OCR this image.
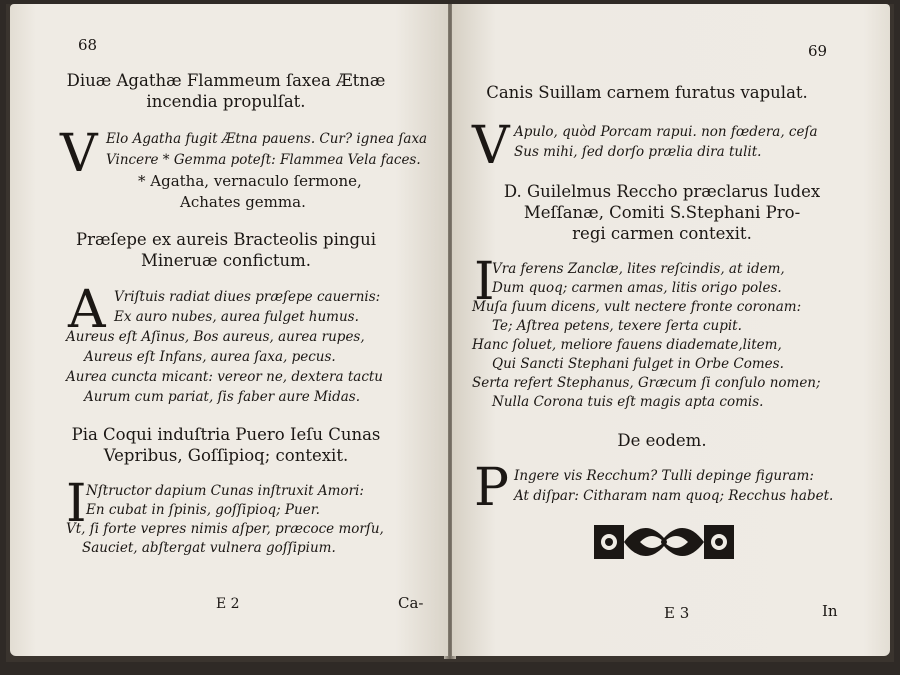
68
Diuæ Agathæ Flammeum ſaxea Ætnæ
incendia propulſat.
V Elo Agatha fugit Ætna pauens. Cur? ignea ſaxa
Vincere * Gemma poteſt: Flammea Vela faces.
* Agatha, vernaculo ſermone,
Achates gemma.
Præſepe ex aureis Bracteolis pingui
Mineruæ confictum.
A Vriſtuis radiat diues præſepe cauernis:
Ex auro nubes, aurea fulget humus.
Aureus eſt Aſinus, Bos aureus, aurea rupes,
Aureus eſt Infans, aurea ſaxa, pecus.
Aurea cuncta micant: vereor ne, dextera tactu
Aurum cum pariat, ſis faber aure Midas.
Pia Coqui induſtria Puero Ieſu Cunas
Vepribus, Goſſipioq; contexit.
I Nſtructor dapium Cunas inſtruxit Amori:
En cubat in ſpinis, goſſipioq; Puer.
Vt, ſi forte vepres nimis aſper, præcoce morſu,
Sauciet, abſtergat vulnera goſſipium.
E 2	Ca-
69
Canis Suillam carnem furatus vapulat.
V Apulo, quòd Porcam rapui. non fœdera, ceſa
Sus mihi, ſed dorſo prælia dira tulit.
D. Guilelmus Reccho præclarus Iudex
Meſſanæ, Comiti S.Stephani Pro-
regi carmen contexit.
I
Vra ferens Zanclæ, lites reſcindis, at idem,
Dum quoq; carmen amas, litis origo poles.
Muſa ſuum dicens, vult nectere fronte coronam:
Te; Aſtrea petens, texere ſerta cupit.
Hanc ſoluet, meliore fauens diademate,litem,
Qui Sancti Stephani fulget in Orbe Comes.
Serta refert Stephanus, Græcum ſi conſulo nomen;
Nulla Corona tuis eſt magis apta comis.
De eodem.
P Ingere vis Recchum? Tulli depinge figuram:
At diſpar: Citharam nam quoq; Recchus habet.
E 3	In
